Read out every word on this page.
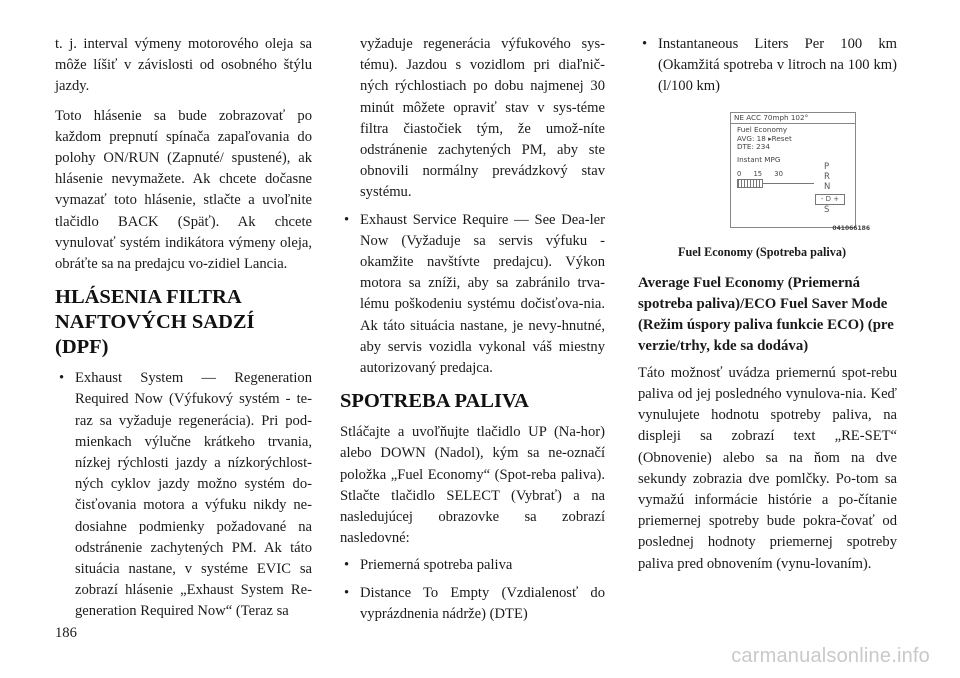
t. j. interval výmeny motorového oleja sa môže líšiť v závislosti od osobného štýlu jazdy.

Toto hlásenie sa bude zobrazovať po každom prepnutí spínača zapaľovania do polohy ON/RUN (Zapnuté/ spustené), ak hlásenie nevymažete. Ak chcete dočasne vymazať toto hlásenie, stlačte a uvoľnite tlačidlo BACK (Späť). Ak chcete vynulovať systém indikátora výmeny oleja, obráťte sa na predajcu vo-zidiel Lancia.

HLÁSENIA FILTRA NAFTOVÝCH SADZÍ (DPF)
• Exhaust System — Regeneration Required Now (Výfukový systém - te-raz sa vyžaduje regenerácia). Pri pod-mienkach výlučne krátkeho trvania, nízkej rýchlosti jazdy a nízkorýchlost-ných cyklov jazdy možno systém do-čisťovania motora a výfuku nikdy ne-dosiahne podmienky požadované na odstránenie zachytených PM. Ak táto situácia nastane, v systéme EVIC sa zobrazí hlásenie „Exhaust System Re-generation Required Now“ (Teraz sa

vyžaduje regenerácia výfukového sys-tému). Jazdou s vozidlom pri diaľnič-ných rýchlostiach po dobu najmenej 30 minút môžete opraviť stav v sys-téme filtra čiastočiek tým, že umož-níte odstránenie zachytených PM, aby ste obnovili normálny prevádzkový stav systému.

• Exhaust Service Require — See Dea-ler Now (Vyžaduje sa servis výfuku - okamžite navštívte predajcu). Výkon motora sa zníži, aby sa zabránilo trva-lému poškodeniu systému dočisťova-nia. Ak táto situácia nastane, je nevy-hnutné, aby servis vozidla vykonal váš miestny autorizovaný predajca.
SPOTREBA PALIVA

Stláčajte a uvoľňujte tlačidlo UP (Na-hor) alebo DOWN (Nadol), kým sa ne-označí položka „Fuel Economy“ (Spot-reba paliva). Stlačte tlačidlo SELECT (Vybrať) a na nasledujúcej obrazovke sa zobrazí nasledovné:

• Priemerná spotreba paliva
• Distance To Empty (Vzdialenosť do vyprázdnenia nádrže) (DTE)
• Instantaneous Liters Per 100 km (Okamžitá spotreba v litroch na 100 km) (l/100 km)
NE ACC 70mph 102°
Fuel Economy
AVG: 18 ▸Reset
DTE: 234
Instant MPG
0 15 30
P
R
N
- D +
S
041066186
Fuel Economy (Spotreba paliva)
Average Fuel Economy (Priemerná spotreba paliva)/ECO Fuel Saver Mode (Režim úspory paliva funkcie ECO) (pre verzie/trhy, kde sa dodáva)

Táto možnosť uvádza priemernú spot-rebu paliva od jej posledného vynulova-nia. Keď vynulujete hodnotu spotreby paliva, na displeji sa zobrazí text „RE-SET“ (Obnovenie) alebo sa na ňom na dve sekundy zobrazia dve pomlčky. Po-tom sa vymažú informácie histórie a po-čítanie priemernej spotreby bude pokra-čovať od poslednej hodnoty priemernej spotreby paliva pred obnovením (vynu-lovaním).

186
carmanualsonline.info
